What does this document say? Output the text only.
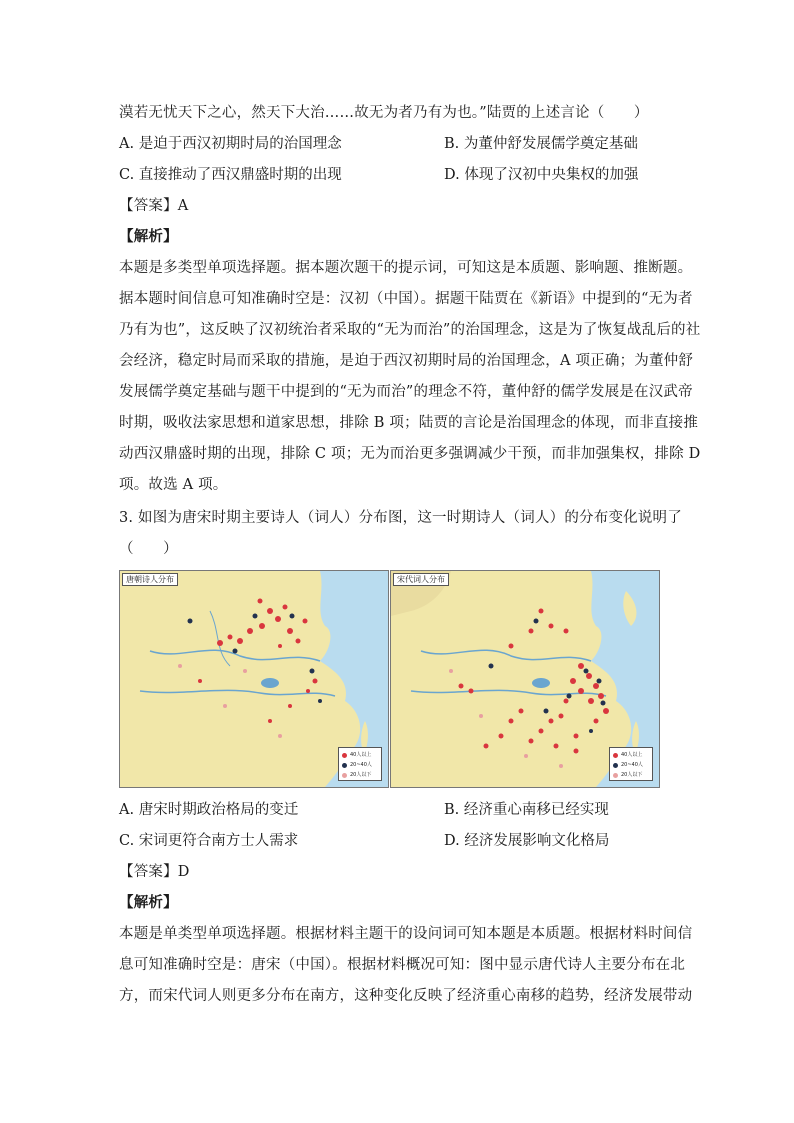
漠若无忧天下之心，然天下大治……故无为者乃有为也。”陆贾的上述言论（　　）
A. 是迫于西汉初期时局的治国理念	B. 为董仲舒发展儒学奠定基础
C. 直接推动了西汉鼎盛时期的出现	D. 体现了汉初中央集权的加强
【答案】A
【解析】
本题是多类型单项选择题。据本题次题干的提示词，可知这是本质题、影响题、推断题。
据本题时间信息可知准确时空是：汉初（中国）。据题干陆贾在《新语》中提到的“无为者
乃有为也”，这反映了汉初统治者采取的“无为而治”的治国理念，这是为了恢复战乱后的社
会经济，稳定时局而采取的措施，是迫于西汉初期时局的治国理念，A 项正确；为董仲舒
发展儒学奠定基础与题干中提到的“无为而治”的理念不符，董仲舒的儒学发展是在汉武帝
时期，吸收法家思想和道家思想，排除 B 项；陆贾的言论是治国理念的体现，而非直接推
动西汉鼎盛时期的出现，排除 C 项；无为而治更多强调减少干预，而非加强集权，排除 D
项。故选 A 项。
3. 如图为唐宋时期主要诗人（词人）分布图，这一时期诗人（词人）的分布变化说明了
（　　）
唐朝诗人分布
40人以上
20~40人
20人以下
宋代词人分布
40人以上
20~40人
20人以下
A. 唐宋时期政治格局的变迁	B. 经济重心南移已经实现
C. 宋词更符合南方士人需求	D. 经济发展影响文化格局
【答案】D
【解析】
本题是单类型单项选择题。根据材料主题干的设问词可知本题是本质题。根据材料时间信
息可知准确时空是：唐宋（中国）。根据材料概况可知：图中显示唐代诗人主要分布在北
方，而宋代词人则更多分布在南方，这种变化反映了经济重心南移的趋势，经济发展带动
